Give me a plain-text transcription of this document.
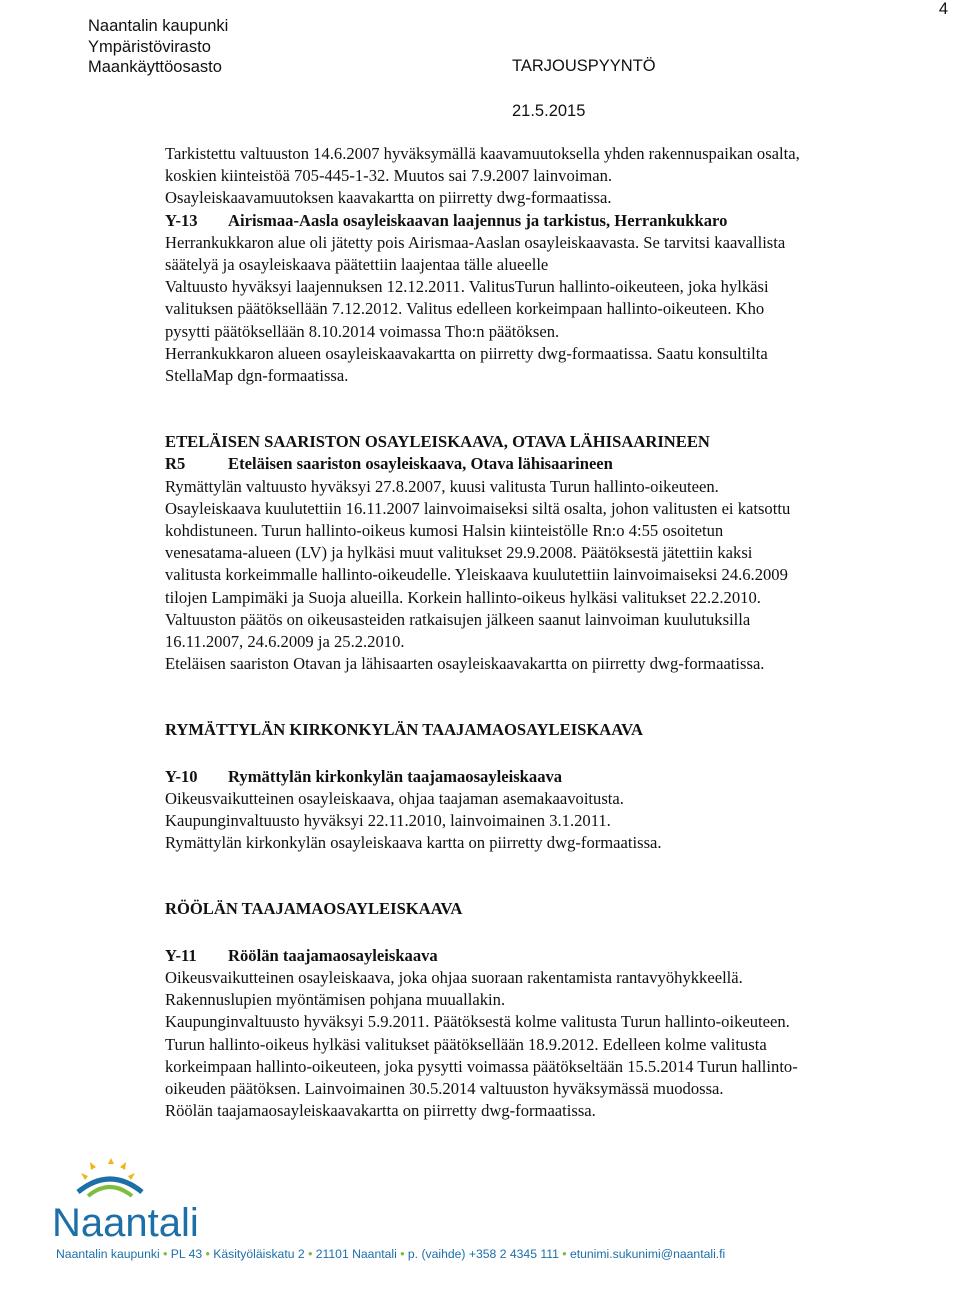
Naantalin kaupunki
Ympäristövirasto
Maankäyttöosasto
4
TARJOUSPYYNTÖ
21.5.2015

Tarkistettu valtuuston 14.6.2007 hyväksymällä kaavamuutoksella yhden rakennuspaikan osalta,

koskien kiinteistöä 705-445-1-32. Muutos sai 7.9.2007 lainvoiman.

Osayleiskaavamuutoksen kaavakartta on piirretty dwg-formaatissa.

Y-13 Airismaa-Aasla osayleiskaavan laajennus ja tarkistus, Herrankukkaro

Herrankukkaron alue oli jätetty pois Airismaa-Aaslan osayleiskaavasta. Se tarvitsi kaavallista

säätelyä ja osayleiskaava päätettiin laajentaa tälle alueelle

Valtuusto hyväksyi laajennuksen 12.12.2011. ValitusTurun hallinto-oikeuteen, joka hylkäsi

valituksen päätöksellään 7.12.2012. Valitus edelleen korkeimpaan hallinto-oikeuteen. Kho

pysytti päätöksellään 8.10.2014 voimassa Tho:n päätöksen.

Herrankukkaron alueen osayleiskaavakartta on piirretty dwg-formaatissa. Saatu konsultilta

StellaMap dgn-formaatissa.

ETELÄISEN SAARISTON OSAYLEISKAAVA, OTAVA LÄHISAARINEEN

R5	Eteläisen saariston osayleiskaava, Otava lähisaarineen

Rymättylän valtuusto hyväksyi 27.8.2007, kuusi valitusta Turun hallinto-oikeuteen.

Osayleiskaava kuulutettiin 16.11.2007 lainvoimaiseksi siltä osalta, johon valitusten ei katsottu

kohdistuneen. Turun hallinto-oikeus kumosi Halsin kiinteistölle Rn:o 4:55 osoitetun

venesatama-alueen (LV) ja hylkäsi muut valitukset 29.9.2008. Päätöksestä jätettiin kaksi

valitusta korkeimmalle hallinto-oikeudelle. Yleiskaava kuulutettiin lainvoimaiseksi 24.6.2009

tilojen Lampimäki ja Suoja alueilla. Korkein hallinto-oikeus hylkäsi valitukset 22.2.2010.

Valtuuston päätös on oikeusasteiden ratkaisujen jälkeen saanut lainvoiman kuulutuksilla

16.11.2007, 24.6.2009 ja 25.2.2010.

Eteläisen saariston Otavan ja lähisaarten osayleiskaavakartta on piirretty dwg-formaatissa.

RYMÄTTYLÄN KIRKONKYLÄN TAAJAMAOSAYLEISKAAVA

Y-10 Rymättylän kirkonkylän taajamaosayleiskaava

Oikeusvaikutteinen osayleiskaava, ohjaa taajaman asemakaavoitusta.

Kaupunginvaltuusto hyväksyi 22.11.2010, lainvoimainen 3.1.2011.

Rymättylän kirkonkylän osayleiskaava kartta on piirretty dwg-formaatissa.

RÖÖLÄN TAAJAMAOSAYLEISKAAVA

Y-11 Röölän taajamaosayleiskaava

Oikeusvaikutteinen osayleiskaava, joka ohjaa suoraan rakentamista rantavyöhykkeellä.

Rakennuslupien myöntämisen pohjana muuallakin.

Kaupunginvaltuusto hyväksyi 5.9.2011. Päätöksestä kolme valitusta Turun hallinto-oikeuteen.

Turun hallinto-oikeus hylkäsi valitukset päätöksellään 18.9.2012. Edelleen kolme valitusta

korkeimpaan hallinto-oikeuteen, joka pysytti voimassa päätökseltään 15.5.2014 Turun hallinto-

oikeuden päätöksen. Lainvoimainen 30.5.2014 valtuuston hyväksymässä muodossa.

Röölän taajamaosayleiskaavakartta on piirretty dwg-formaatissa.

Naantali
Naantalin kaupunki • PL 43 • Käsityöläiskatu 2 • 21101 Naantali • p. (vaihde) +358 2 4345 111 • etunimi.sukunimi@naantali.fi
